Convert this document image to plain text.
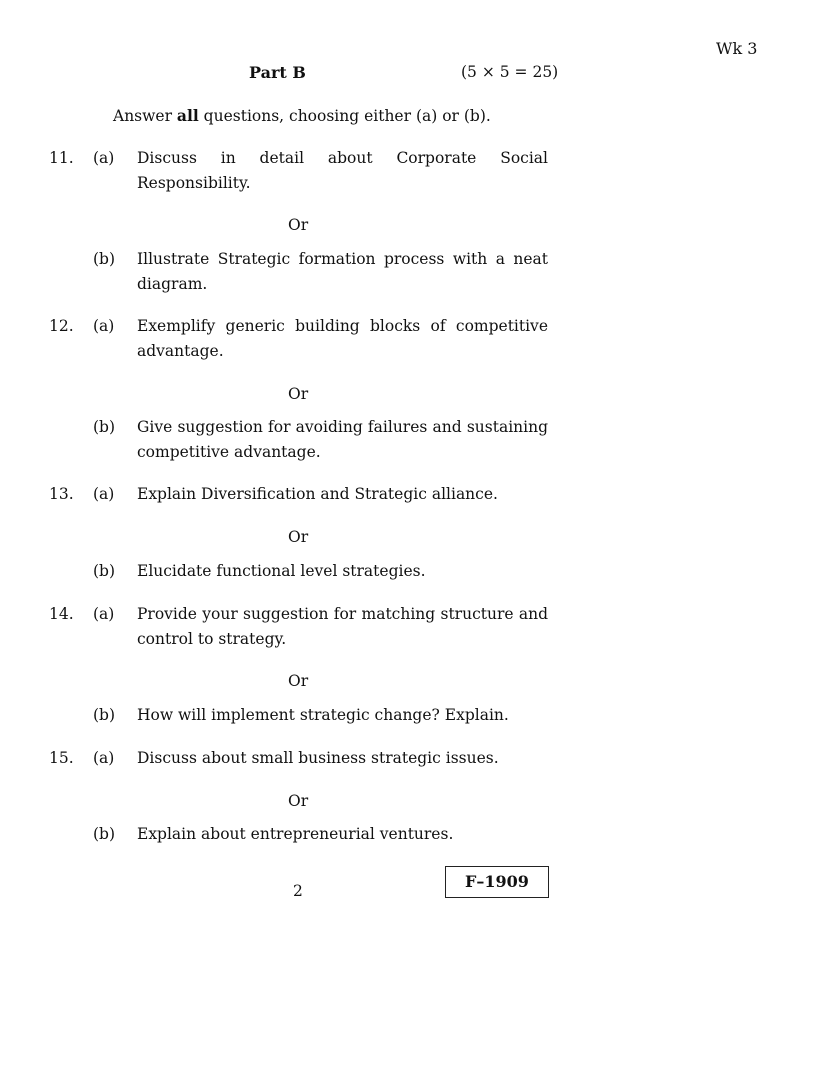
Wk 3
Part B	(5 × 5 = 25)
Answer all questions, choosing either (a) or (b).
11. (a) Discuss in detail about Corporate Social Responsibility.
Or
(b) Illustrate Strategic formation process with a neat diagram.
12. (a) Exemplify generic building blocks of competitive advantage.
Or
(b) Give suggestion for avoiding failures and sustaining competitive advantage.
13. (a) Explain Diversification and Strategic alliance.
Or
(b) Elucidate functional level strategies.
14. (a) Provide your suggestion for matching structure and control to strategy.
Or
(b) How will implement strategic change? Explain.
15. (a) Discuss about small business strategic issues.
Or
(b) Explain about entrepreneurial ventures.
2	F–1909
